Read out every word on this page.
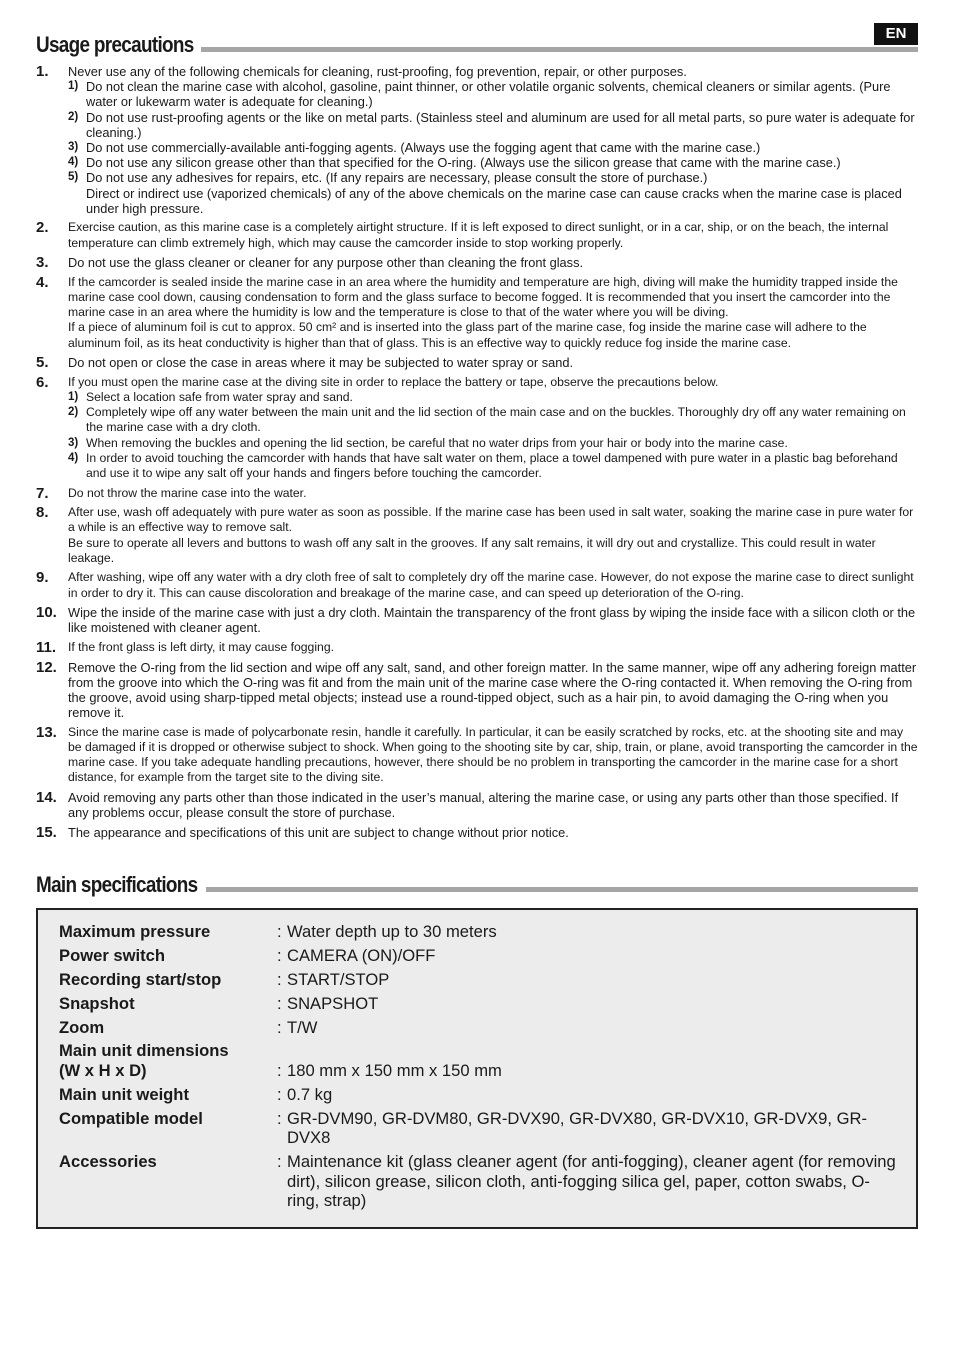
EN
Usage precautions
1.	Never use any of the following chemicals for cleaning, rust-proofing, fog prevention, repair, or other purposes.
1) Do not clean the marine case with alcohol, gasoline, paint thinner, or other volatile organic solvents, chemical cleaners or similar agents. (Pure water or lukewarm water is adequate for cleaning.)
2) Do not use rust-proofing agents or the like on metal parts. (Stainless steel and aluminum are used for all metal parts, so pure water is adequate for cleaning.)
3) Do not use commercially-available anti-fogging agents. (Always use the fogging agent that came with the marine case.)
4) Do not use any silicon grease other than that specified for the O-ring. (Always use the silicon grease that came with the marine case.)
5) Do not use any adhesives for repairs, etc. (If any repairs are necessary, please consult the store of purchase.)
Direct or indirect use (vaporized chemicals) of any of the above chemicals on the marine case can cause cracks when the marine case is placed under high pressure.
2.	Exercise caution, as this marine case is a completely airtight structure. If it is left exposed to direct sunlight, or in a car, ship, or on the beach, the internal temperature can climb extremely high, which may cause the camcorder inside to stop working properly.
3.	Do not use the glass cleaner or cleaner for any purpose other than cleaning the front glass.
4.	If the camcorder is sealed inside the marine case in an area where the humidity and temperature are high, diving will make the humidity trapped inside the marine case cool down, causing condensation to form and the glass surface to become fogged. It is recommended that you insert the camcorder into the marine case in an area where the humidity is low and the temperature is close to that of the water where you will be diving.
If a piece of aluminum foil is cut to approx. 50 cm² and is inserted into the glass part of the marine case, fog inside the marine case will adhere to the aluminum foil, as its heat conductivity is higher than that of glass. This is an effective way to quickly reduce fog inside the marine case.
5.	Do not open or close the case in areas where it may be subjected to water spray or sand.
6.	If you must open the marine case at the diving site in order to replace the battery or tape, observe the precautions below.
1) Select a location safe from water spray and sand.
2) Completely wipe off any water between the main unit and the lid section of the main case and on the buckles. Thoroughly dry off any water remaining on the marine case with a dry cloth.
3) When removing the buckles and opening the lid section, be careful that no water drips from your hair or body into the marine case.
4) In order to avoid touching the camcorder with hands that have salt water on them, place a towel dampened with pure water in a plastic bag beforehand and use it to wipe any salt off your hands and fingers before touching the camcorder.
7.	Do not throw the marine case into the water.
8.	After use, wash off adequately with pure water as soon as possible. If the marine case has been used in salt water, soaking the marine case in pure water for a while is an effective way to remove salt.
Be sure to operate all levers and buttons to wash off any salt in the grooves. If any salt remains, it will dry out and crystallize. This could result in water leakage.
9.	After washing, wipe off any water with a dry cloth free of salt to completely dry off the marine case. However, do not expose the marine case to direct sunlight in order to dry it. This can cause discoloration and breakage of the marine case, and can speed up deterioration of the O-ring.
10. Wipe the inside of the marine case with just a dry cloth. Maintain the transparency of the front glass by wiping the inside face with a silicon cloth or the like moistened with cleaner agent.
11. If the front glass is left dirty, it may cause fogging.
12. Remove the O-ring from the lid section and wipe off any salt, sand, and other foreign matter. In the same manner, wipe off any adhering foreign matter from the groove into which the O-ring was fit and from the main unit of the marine case where the O-ring contacted it. When removing the O-ring from the groove, avoid using sharp-tipped metal objects; instead use a round-tipped object, such as a hair pin, to avoid damaging the O-ring when you remove it.
13. Since the marine case is made of polycarbonate resin, handle it carefully. In particular, it can be easily scratched by rocks, etc. at the shooting site and may be damaged if it is dropped or otherwise subject to shock. When going to the shooting site by car, ship, train, or plane, avoid transporting the camcorder in the marine case. If you take adequate handling precautions, however, there should be no problem in transporting the camcorder in the marine case for a short distance, for example from the target site to the diving site.
14. Avoid removing any parts other than those indicated in the user’s manual, altering the marine case, or using any parts other than those specified. If any problems occur, please consult the store of purchase.
15. The appearance and specifications of this unit are subject to change without prior notice.
Main specifications
Maximum pressure	: Water depth up to 30 meters
Power switch	: CAMERA (ON)/OFF
Recording start/stop	: START/STOP
Snapshot	: SNAPSHOT
Zoom	: T/W
Main unit dimensions
(W x H x D)	: 180 mm x 150 mm x 150 mm
Main unit weight	: 0.7 kg
Compatible model	: GR-DVM90, GR-DVM80, GR-DVX90, GR-DVX80, GR-DVX10, GR-DVX9, GR-DVX8
Accessories	: Maintenance kit (glass cleaner agent (for anti-fogging), cleaner agent (for removing dirt), silicon grease, silicon cloth, anti-fogging silica gel, paper, cotton swabs, O-ring, strap)
